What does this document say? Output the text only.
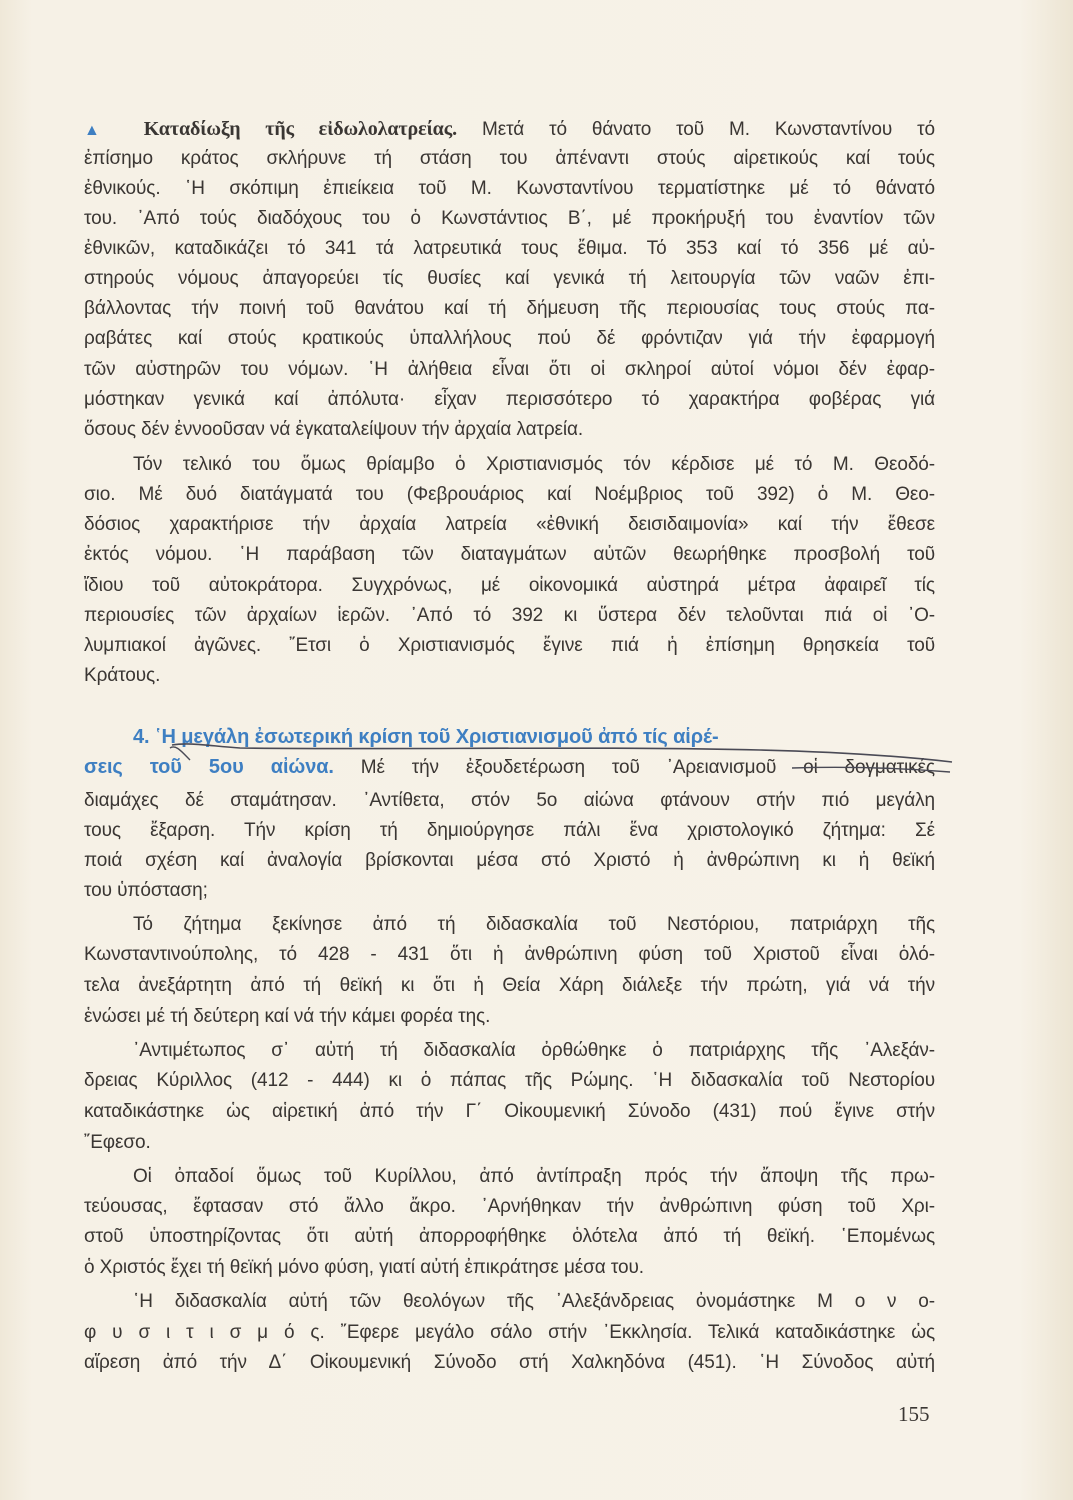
▲ Καταδίωξη τῆς εἰδωλολατρείας. Μετά τό θάνατο τοῦ Μ. Κωνσταντίνου τό
ἐπίσημο κράτος σκλήρυνε τή στάση του ἀπέναντι στούς αἱρετικούς καί τούς
ἐθνικούς. ῾Η σκόπιμη ἐπιείκεια τοῦ Μ. Κωνσταντίνου τερματίστηκε μέ τό θάνατό
του. ᾿Από τούς διαδόχους του ὁ Κωνστάντιος Β΄, μέ προκήρυξή του ἐναντίον τῶν
ἐθνικῶν, καταδικάζει τό 341 τά λατρευτικά τους ἔθιμα. Τό 353 καί τό 356 μέ αὐ-
στηρούς νόμους ἀπαγορεύει τίς θυσίες καί γενικά τή λειτουργία τῶν ναῶν ἐπι-
βάλλοντας τήν ποινή τοῦ θανάτου καί τή δήμευση τῆς περιουσίας τους στούς πα-
ραβάτες καί στούς κρατικούς ὑπαλλήλους πού δέ φρόντιζαν γιά τήν ἐφαρμογή
τῶν αὐστηρῶν του νόμων. ῾Η ἀλήθεια εἶναι ὅτι οἱ σκληροί αὐτοί νόμοι δέν ἐφαρ-
μόστηκαν γενικά καί ἀπόλυτα· εἶχαν περισσότερο τό χαρακτήρα φοβέρας γιά
ὅσους δέν ἐννοοῦσαν νά ἐγκαταλείψουν τήν ἀρχαία λατρεία.
Τόν τελικό του ὅμως θρίαμβο ὁ Χριστιανισμός τόν κέρδισε μέ τό Μ. Θεοδό-
σιο. Μέ δυό διατάγματά του (Φεβρουάριος καί Νοέμβριος τοῦ 392) ὁ Μ. Θεο-
δόσιος χαρακτήρισε τήν ἀρχαία λατρεία «ἐθνική δεισιδαιμονία» καί τήν ἔθεσε
ἐκτός νόμου. ῾Η παράβαση τῶν διαταγμάτων αὐτῶν θεωρήθηκε προσβολή τοῦ
ἴδιου τοῦ αὐτοκράτορα. Συγχρόνως, μέ οἰκονομικά αὐστηρά μέτρα ἀφαιρεῖ τίς
περιουσίες τῶν ἀρχαίων ἱερῶν. ᾿Από τό 392 κι ὕστερα δέν τελοῦνται πιά οἱ ᾿Ο-
λυμπιακοί ἀγῶνες. ῎Ετσι ὁ Χριστιανισμός ἔγινε πιά ἡ ἐπίσημη θρησκεία τοῦ
Κράτους.
4. ῾Η μεγάλη ἐσωτερική κρίση τοῦ Χριστιανισμοῦ ἀπό τίς αἱρέ-
σεις τοῦ 5ου αἰώνα. Μέ τήν ἐξουδετέρωση τοῦ ᾿Αρειανισμοῦ οἱ δογματικές
διαμάχες δέ σταμάτησαν. ᾿Αντίθετα, στόν 5ο αἰώνα φτάνουν στήν πιό μεγάλη
τους ἔξαρση. Τήν κρίση τή δημιούργησε πάλι ἕνα χριστολογικό ζήτημα: Σέ
ποιά σχέση καί ἀναλογία βρίσκονται μέσα στό Χριστό ἡ ἀνθρώπινη κι ἡ θεϊκή
του ὑπόσταση;
Τό ζήτημα ξεκίνησε ἀπό τή διδασκαλία τοῦ Νεστόριου, πατριάρχη τῆς
Κωνσταντινούπολης, τό 428 - 431 ὅτι ἡ ἀνθρώπινη φύση τοῦ Χριστοῦ εἶναι ὁλό-
τελα ἀνεξάρτητη ἀπό τή θεϊκή κι ὅτι ἡ Θεία Χάρη διάλεξε τήν πρώτη, γιά νά τήν
ἑνώσει μέ τή δεύτερη καί νά τήν κάμει φορέα της.
᾿Αντιμέτωπος σ᾿ αὐτή τή διδασκαλία ὀρθώθηκε ὁ πατριάρχης τῆς ᾿Αλεξάν-
δρειας Κύριλλος (412 - 444) κι ὁ πάπας τῆς Ρώμης. ῾Η διδασκαλία τοῦ Νεστορίου
καταδικάστηκε ὡς αἱρετική ἀπό τήν Γ΄ Οἰκουμενική Σύνοδο (431) πού ἔγινε στήν
῎Εφεσο.
Οἱ ὀπαδοί ὅμως τοῦ Κυρίλλου, ἀπό ἀντίπραξη πρός τήν ἄποψη τῆς πρω-
τεύουσας, ἔφτασαν στό ἄλλο ἄκρο. ᾿Αρνήθηκαν τήν ἀνθρώπινη φύση τοῦ Χρι-
στοῦ ὑποστηρίζοντας ὅτι αὐτή ἀπορροφήθηκε ὁλότελα ἀπό τή θεϊκή. ῾Επομένως
ὁ Χριστός ἔχει τή θεϊκή μόνο φύση, γιατί αὐτή ἐπικράτησε μέσα του.
῾Η διδασκαλία αὐτή τῶν θεολόγων τῆς ᾿Αλεξάνδρειας ὀνομάστηκε Μ ο ν ο-
φ υ σ ι τ ι σ μ ό ς. ῎Εφερε μεγάλο σάλο στήν ᾿Εκκλησία. Τελικά καταδικάστηκε ὡς
αἵρεση ἀπό τήν Δ΄ Οἰκουμενική Σύνοδο στή Χαλκηδόνα (451). ῾Η Σύνοδος αὐτή
155
